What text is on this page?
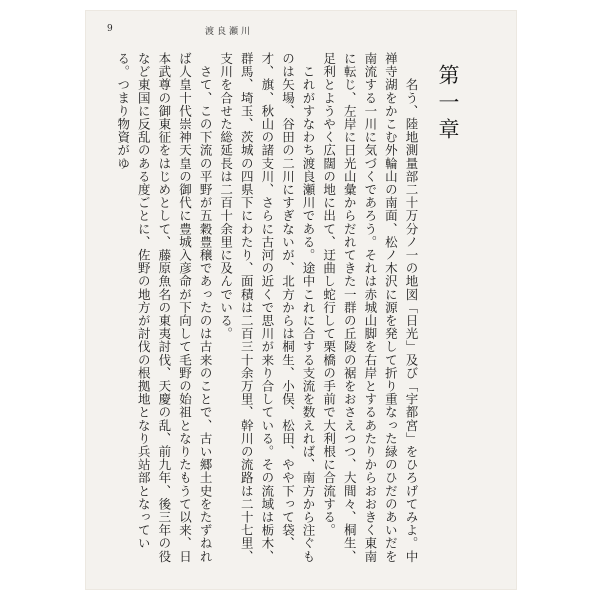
9	渡良瀬川
第一章

　　名う、陸地測量部二十万分ノ一の地図「日光」及び「宇都宮」をひろげてみよ。中禅寺湖をかこむ外輪山の南面、松ノ木沢に源を発して折り重なった緑のひだのあいだを南流する一川に気づくであろう。それは赤城山脚を右岸とするあたりからおおきく東南に転じ、左岸に日光山彙からだれてきた一群の丘陵の裾をおさえつつ、大間々、桐生、足利とようやく広闊の地に出て、迂曲し蛇行して栗橋の手前で大利根に合流する。

　これがすなわち渡良瀬川である。途中これに合する支流を数えれば、南方から注ぐものは矢場、谷田の二川にすぎないが、北方からは桐生、小俣、松田、やや下って袋、才、旗、秋山の諸支川、さらに古河の近くで思川が来り合している。その流域は栃木、群馬、埼玉、茨城の四県下にわたり、面積は二百三十余万里、幹川の流路は二十七里、支川を合せた総延長は二百十余里に及んでいる。

　さて、この下流の平野が五穀豊穣であったのは古来のことで、古い郷土史をたずねれば人皇十代崇神天皇の御代に豊城入彦命が下向して毛野の始祖となりたもうて以来、日本武尊の御東征をはじめとして、藤原魚名の東夷討伐、天慶の乱、前九年、後三年の役など東国に反乱のある度ごとに、佐野の地方が討伐の根拠地となり兵站部となっている。つまり物資がゆ
